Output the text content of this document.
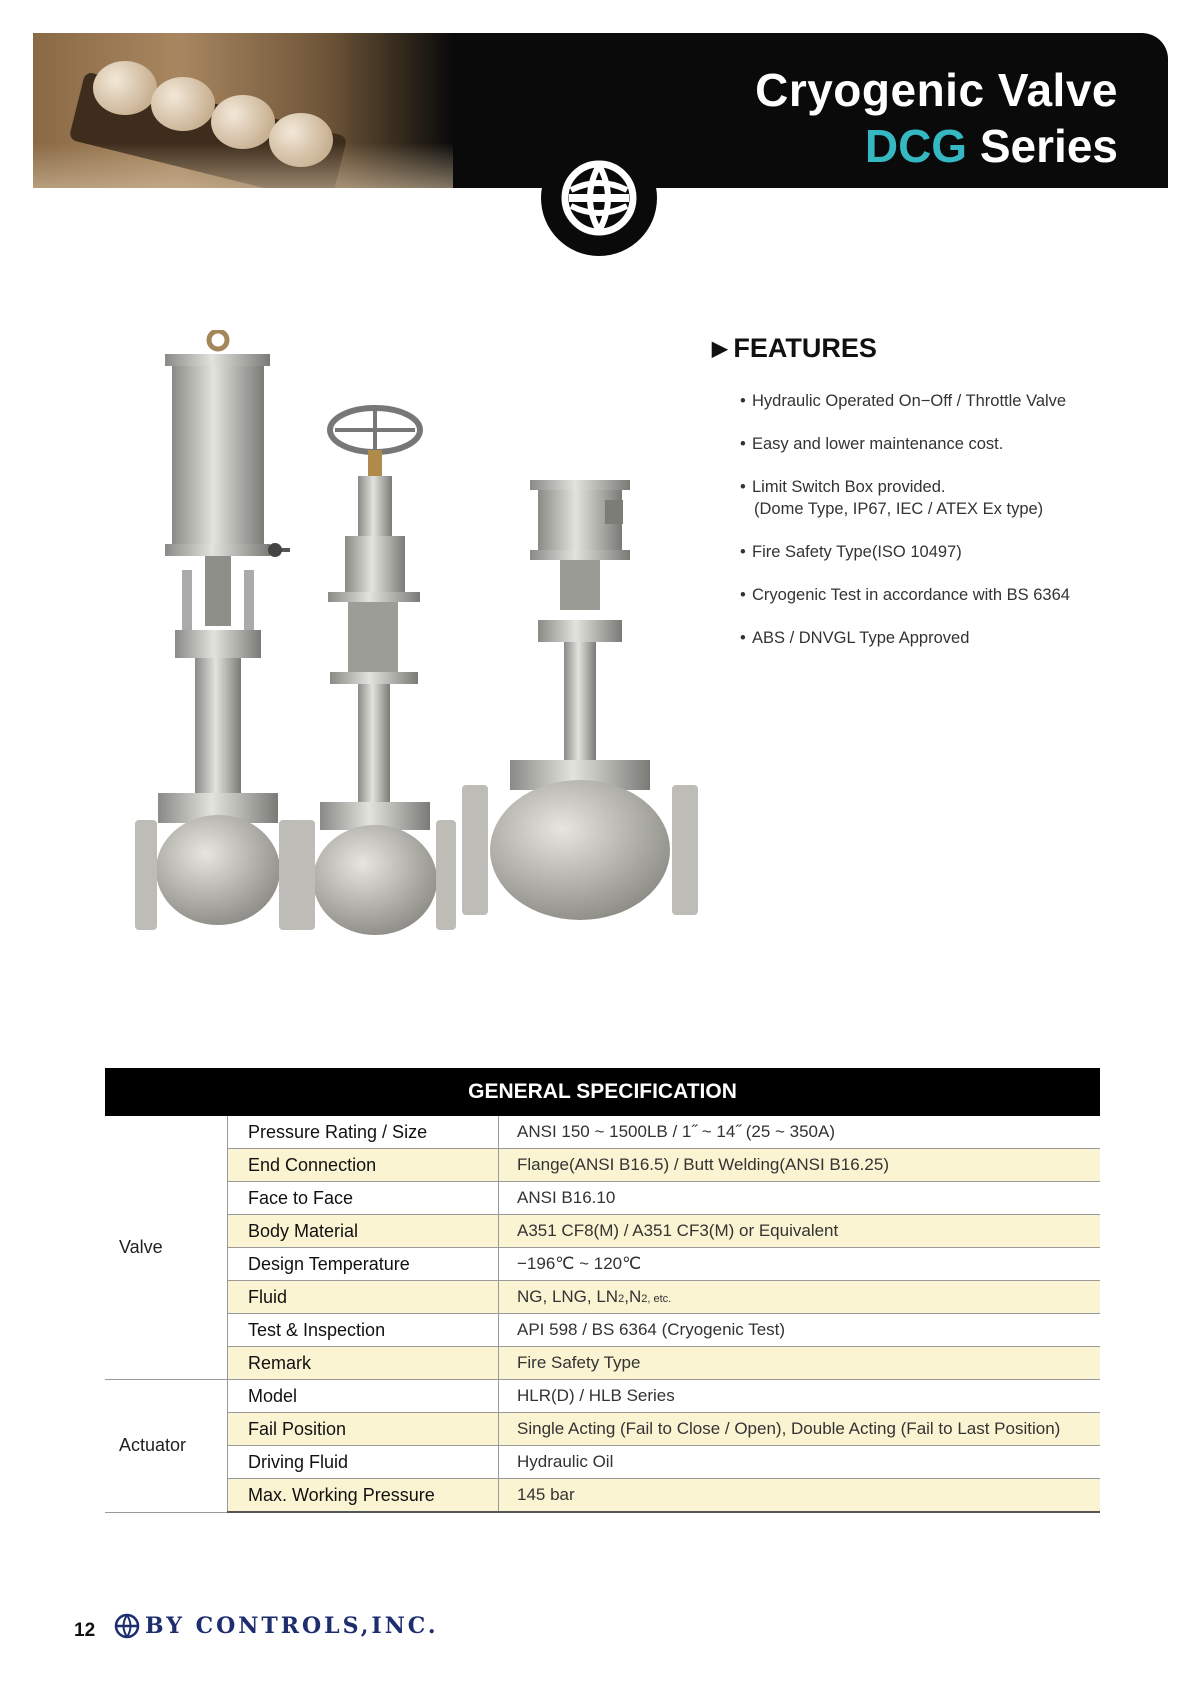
Cryogenic Valve
DCG Series
▶ FEATURES
• Hydraulic Operated On−Off / Throttle Valve
• Easy and lower maintenance cost.
• Limit Switch Box provided.
(Dome Type, IP67, IEC / ATEX Ex type)
• Fire Safety Type(ISO 10497)
• Cryogenic Test in accordance with BS 6364
• ABS / DNVGL Type Approved
GENERAL SPECIFICATION
Valve	Pressure Rating / Size	ANSI 150 ~ 1500LB / 1˝ ~ 14˝ (25 ~ 350A)
	End Connection	Flange(ANSI B16.5) / Butt Welding(ANSI B16.25)
	Face to Face	ANSI B16.10
	Body Material	A351 CF8(M) / A351 CF3(M) or Equivalent
	Design Temperature	−196℃ ~ 120℃
	Fluid	NG, LNG, LN2,N2, etc.
	Test & Inspection	API 598 / BS 6364 (Cryogenic Test)
	Remark	Fire Safety Type
Actuator	Model	HLR(D) / HLB Series
	Fail Position	Single Acting (Fail to Close / Open), Double Acting (Fail to Last Position)
	Driving Fluid	Hydraulic Oil
	Max. Working Pressure	145 bar
12 BY CONTROLS,INC.
